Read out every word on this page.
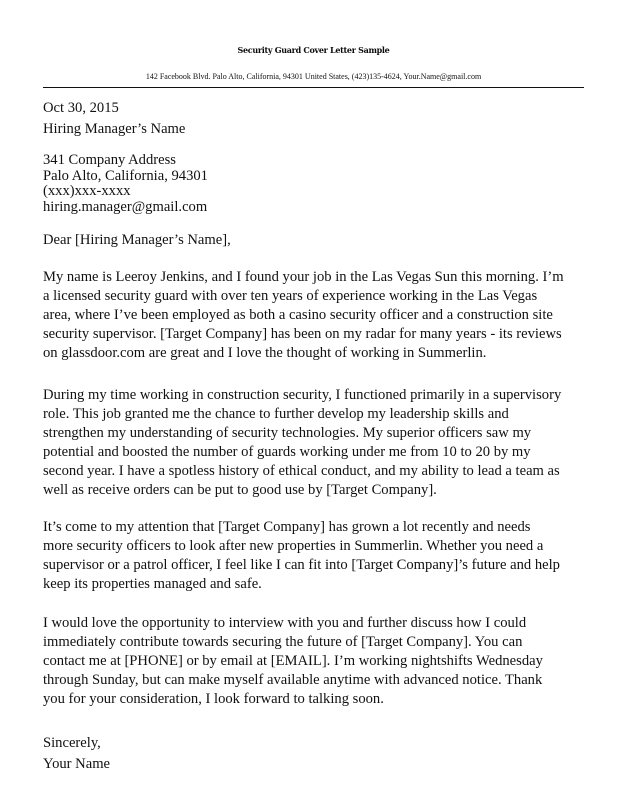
Security Guard Cover Letter Sample
142 Facebook Blvd. Palo Alto, California, 94301 United States, (423)135-4624, Your.Name@gmail.com
Oct 30, 2015
Hiring Manager’s Name
341 Company Address
Palo Alto, California, 94301
(xxx)xxx-xxxx
hiring.manager@gmail.com
Dear [Hiring Manager’s Name],
My name is Leeroy Jenkins, and I found your job in the Las Vegas Sun this morning. I’m
a licensed security guard with over ten years of experience working in the Las Vegas
area, where I’ve been employed as both a casino security officer and a construction site
security supervisor. [Target Company] has been on my radar for many years - its reviews
on glassdoor.com are great and I love the thought of working in Summerlin.
During my time working in construction security, I functioned primarily in a supervisory
role. This job granted me the chance to further develop my leadership skills and
strengthen my understanding of security technologies. My superior officers saw my
potential and boosted the number of guards working under me from 10 to 20 by my
second year. I have a spotless history of ethical conduct, and my ability to lead a team as
well as receive orders can be put to good use by [Target Company].
It’s come to my attention that [Target Company] has grown a lot recently and needs
more security officers to look after new properties in Summerlin. Whether you need a
supervisor or a patrol officer, I feel like I can fit into [Target Company]’s future and help
keep its properties managed and safe.
I would love the opportunity to interview with you and further discuss how I could
immediately contribute towards securing the future of [Target Company]. You can
contact me at [PHONE] or by email at [EMAIL]. I’m working nightshifts Wednesday
through Sunday, but can make myself available anytime with advanced notice. Thank
you for your consideration, I look forward to talking soon.
Sincerely,
Your Name
